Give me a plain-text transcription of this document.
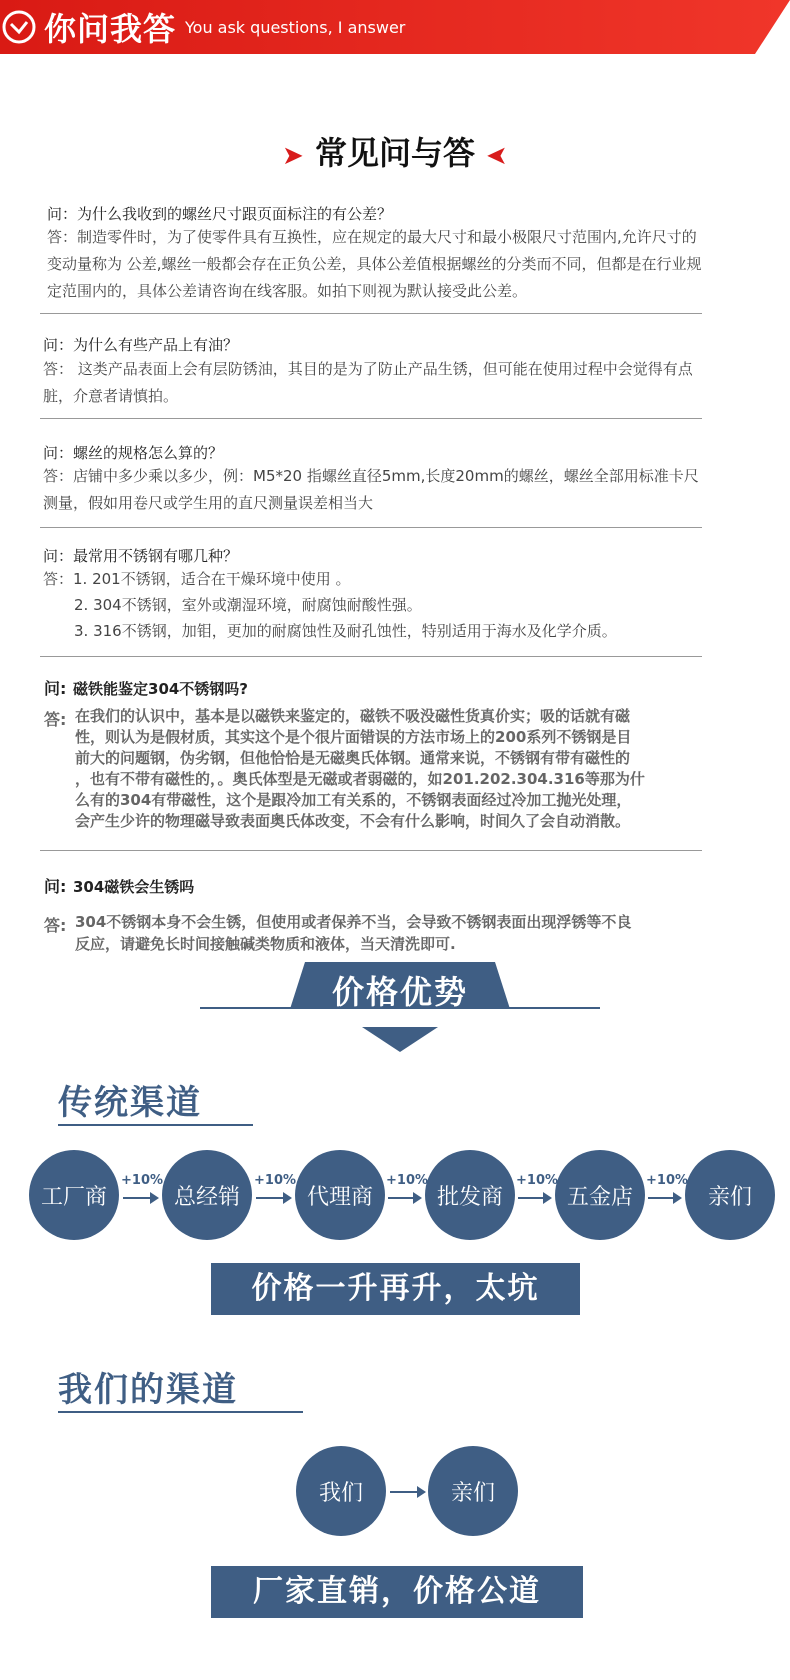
你问我答 You ask questions, I answer
➤ 常见问与答 ➤
问：为什么我收到的螺丝尺寸跟页面标注的有公差？
答：制造零件时，为了使零件具有互换性，应在规定的最大尺寸和最小极限尺寸范围内,允许尺寸的
变动量称为 公差,螺丝一般都会存在正负公差，具体公差值根据螺丝的分类而不同，但都是在行业规
定范围内的，具体公差请咨询在线客服。如拍下则视为默认接受此公差。
问：为什么有些产品上有油？
答： 这类产品表面上会有层防锈油，其目的是为了防止产品生锈，但可能在使用过程中会觉得有点
脏，介意者请慎拍。
问：螺丝的规格怎么算的？
答：店铺中多少乘以多少，例：M5*20 指螺丝直径5mm,长度20mm的螺丝，螺丝全部用标准卡尺
测量，假如用卷尺或学生用的直尺测量误差相当大
问：最常用不锈钢有哪几种？
答：1. 201不锈钢，适合在干燥环境中使用 。
2. 304不锈钢，室外或潮湿环境，耐腐蚀耐酸性强。
3. 316不锈钢，加钼，更加的耐腐蚀性及耐孔蚀性，特别适用于海水及化学介质。
问: 磁铁能鉴定304不锈钢吗?
答: 在我们的认识中，基本是以磁铁来鉴定的，磁铁不吸没磁性货真价实；吸的话就有磁
性，则认为是假材质，其实这个是个很片面错误的方法市场上的200系列不锈钢是目
前大的问题钢，伪劣钢，但他恰恰是无磁奥氏体钢。通常来说，不锈钢有带有磁性的
，也有不带有磁性的，。奥氏体型是无磁或者弱磁的，如201.202.304.316等那为什
么有的304有带磁性，这个是跟冷加工有关系的，不锈钢表面经过冷加工抛光处理，
会产生少许的物理磁导致表面奥氏体改变，不会有什么影响，时间久了会自动消散。
问: 304磁铁会生锈吗
答: 304不锈钢本身不会生锈，但使用或者保养不当，会导致不锈钢表面出现浮锈等不良
反应，请避免长时间接触碱类物质和液体，当天清洗即可.
价格优势
传统渠道
工厂商	总经销	代理商	批发商	五金店	亲们
+10%	+10%	+10%	+10%	+10%
价格一升再升，太坑
我们的渠道
我们	亲们
厂家直销，价格公道
